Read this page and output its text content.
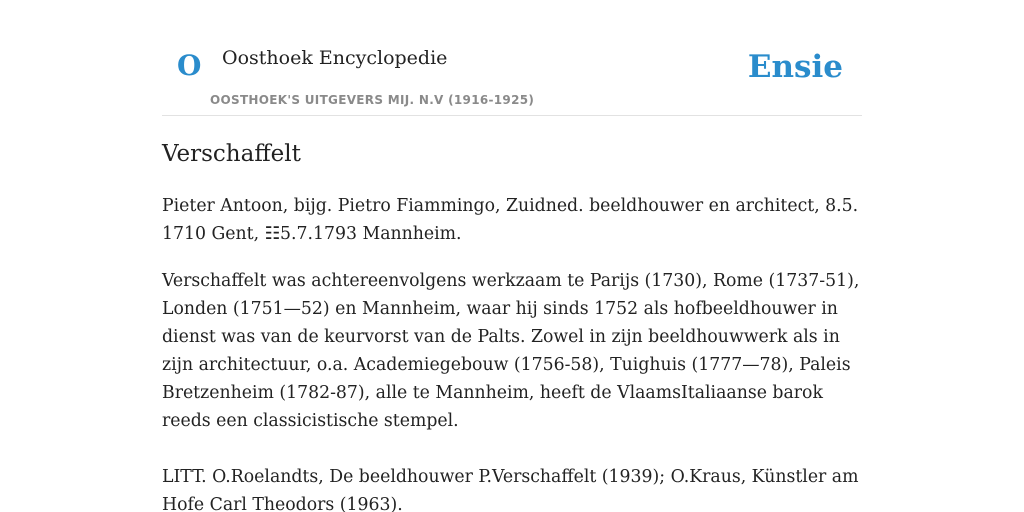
O Oosthoek Encyclopedie
OOSTHOEK'S UITGEVERS MIJ. N.V (1916-1925)
Ensie
Verschaffelt

Pieter Antoon, bijg. Pietro Fiammingo, Zuidned. beeldhouwer en architect, 8.5. 1710 Gent, ☷5.7.1793 Mannheim.

Verschaffelt was achtereenvolgens werkzaam te Parijs (1730), Rome (1737-51), Londen (1751—52) en Mannheim, waar hij sinds 1752 als hofbeeldhouwer in dienst was van de keurvorst van de Palts. Zowel in zijn beeldhouwwerk als in zijn architectuur, o.a. Academiegebouw (1756-58), Tuighuis (1777—78), Paleis Bretzenheim (1782-87), alle te Mannheim, heeft de VlaamsItaliaanse barok reeds een classicistische stempel.

LITT. O.Roelandts, De beeldhouwer P.Verschaffelt (1939); O.Kraus, Künstler am Hofe Carl Theodors (1963).
